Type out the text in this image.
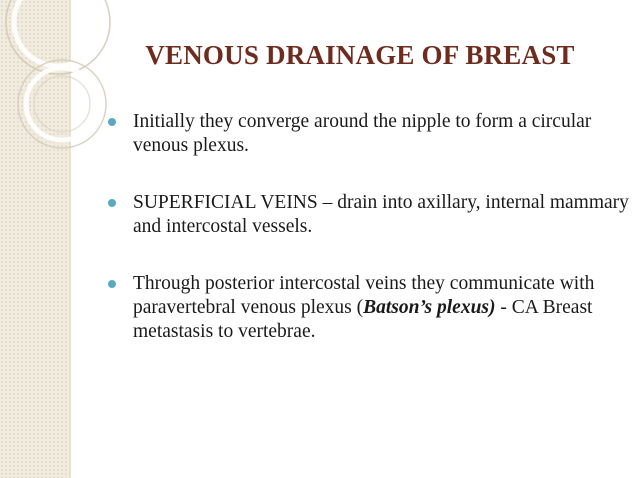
VENOUS DRAINAGE OF BREAST
Initially they converge around the nipple to form a circular venous plexus.
SUPERFICIAL VEINS – drain into axillary, internal mammary and intercostal vessels.
Through posterior intercostal veins they communicate with paravertebral venous plexus (Batson’s plexus) - CA Breast metastasis to vertebrae.
